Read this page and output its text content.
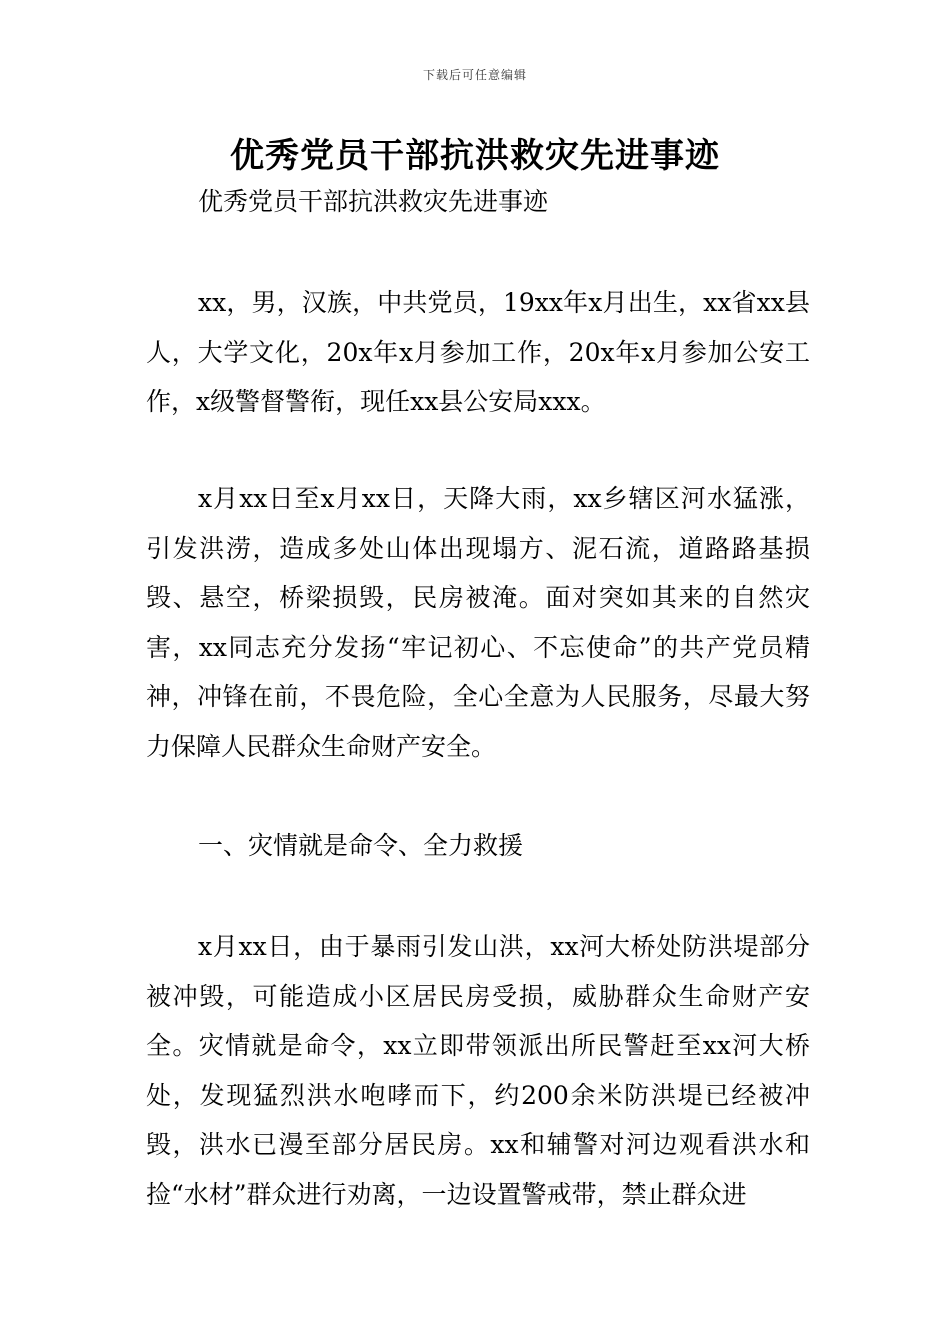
下载后可任意编辑
优秀党员干部抗洪救灾先进事迹
优秀党员干部抗洪救灾先进事迹

xx，男，汉族，中共党员，19xx年x月出生，xx省xx县人，大学文化，20x年x月参加工作，20x年x月参加公安工作，x级警督警衔，现任xx县公安局xxx。

x月xx日至x月xx日，天降大雨，xx乡辖区河水猛涨，引发洪涝，造成多处山体出现塌方、泥石流，道路路基损毁、悬空，桥梁损毁，民房被淹。面对突如其来的自然灾害，xx同志充分发扬“牢记初心、不忘使命”的共产党员精神，冲锋在前，不畏危险，全心全意为人民服务，尽最大努力保障人民群众生命财产安全。

一、灾情就是命令、全力救援

x月xx日，由于暴雨引发山洪，xx河大桥处防洪堤部分被冲毁，可能造成小区居民房受损，威胁群众生命财产安全。灾情就是命令，xx立即带领派出所民警赶至xx河大桥处，发现猛烈洪水咆哮而下，约200余米防洪堤已经被冲毁，洪水已漫至部分居民房。xx和辅警对河边观看洪水和捡“水材”群众进行劝离，一边设置警戒带，禁止群众进
